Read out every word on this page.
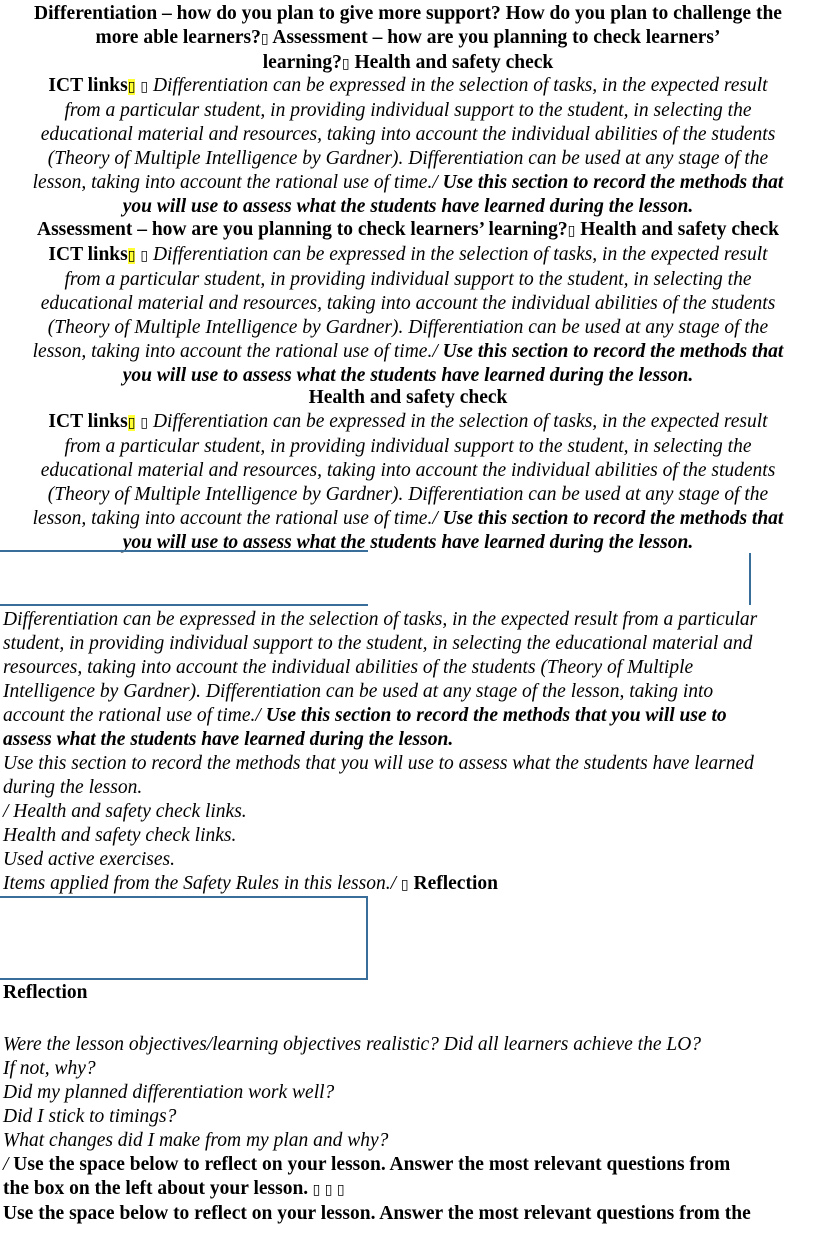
Differentiation – how do you plan to give more support? How do you plan to challenge the
more able learners?▯ Assessment – how are you planning to check learners’
learning?▯ Health and safety check
ICT links▯ ▯ Differentiation can be expressed in the selection of tasks, in the expected result
from a particular student, in providing individual support to the student, in selecting the
educational material and resources, taking into account the individual abilities of the students
(Theory of Multiple Intelligence by Gardner). Differentiation can be used at any stage of the
lesson, taking into account the rational use of time./ Use this section to record the methods that
you will use to assess what the students have learned during the lesson.
Assessment – how are you planning to check learners’ learning?▯ Health and safety check
ICT links▯ ▯ Differentiation can be expressed in the selection of tasks, in the expected result
from a particular student, in providing individual support to the student, in selecting the
educational material and resources, taking into account the individual abilities of the students
(Theory of Multiple Intelligence by Gardner). Differentiation can be used at any stage of the
lesson, taking into account the rational use of time./ Use this section to record the methods that
you will use to assess what the students have learned during the lesson.
Health and safety check
ICT links▯ ▯ Differentiation can be expressed in the selection of tasks, in the expected result
from a particular student, in providing individual support to the student, in selecting the
educational material and resources, taking into account the individual abilities of the students
(Theory of Multiple Intelligence by Gardner). Differentiation can be used at any stage of the
lesson, taking into account the rational use of time./ Use this section to record the methods that
you will use to assess what the students have learned during the lesson.
Differentiation can be expressed in the selection of tasks, in the expected result from a particular
student, in providing individual support to the student, in selecting the educational material and
resources, taking into account the individual abilities of the students (Theory of Multiple
Intelligence by Gardner). Differentiation can be used at any stage of the lesson, taking into
account the rational use of time./ Use this section to record the methods that you will use to
assess what the students have learned during the lesson.
Use this section to record the methods that you will use to assess what the students have learned
during the lesson.
/ Health and safety check links.
Health and safety check links.
Used active exercises.
Items applied from the Safety Rules in this lesson./ ▯ Reflection
Reflection
Were the lesson objectives/learning objectives realistic? Did all learners achieve the LO?
If not, why?
Did my planned differentiation work well?
Did I stick to timings?
What changes did I make from my plan and why?
/ Use the space below to reflect on your lesson. Answer the most relevant questions from
the box on the left about your lesson. ▯ ▯ ▯
Use the space below to reflect on your lesson. Answer the most relevant questions from the
